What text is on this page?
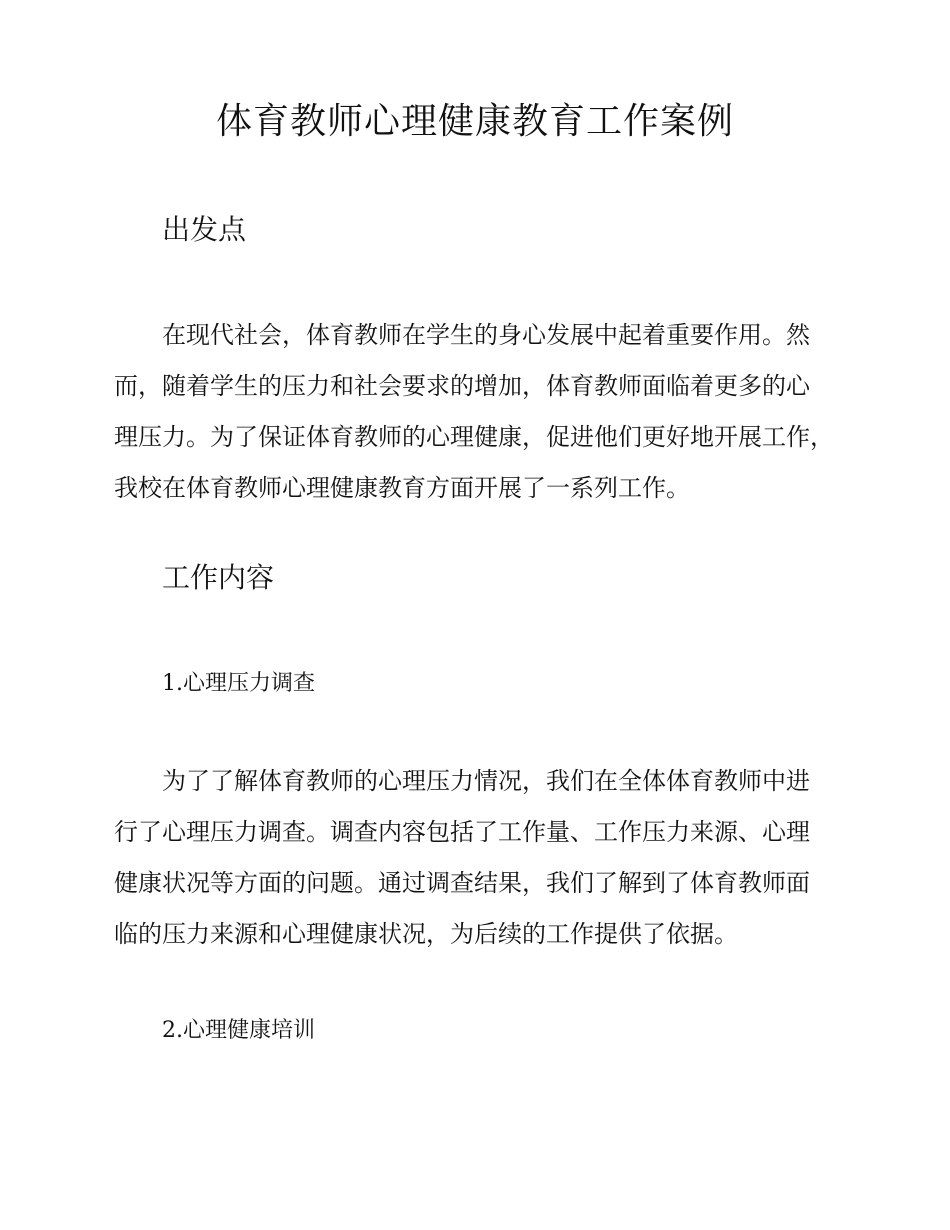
体育教师心理健康教育工作案例
出发点
在现代社会，体育教师在学生的身心发展中起着重要作用。然
而，随着学生的压力和社会要求的增加，体育教师面临着更多的心
理压力。为了保证体育教师的心理健康，促进他们更好地开展工作，
我校在体育教师心理健康教育方面开展了一系列工作。
工作内容
1.心理压力调查
为了了解体育教师的心理压力情况，我们在全体体育教师中进
行了心理压力调查。调查内容包括了工作量、工作压力来源、心理
健康状况等方面的问题。通过调查结果，我们了解到了体育教师面
临的压力来源和心理健康状况，为后续的工作提供了依据。
2.心理健康培训
